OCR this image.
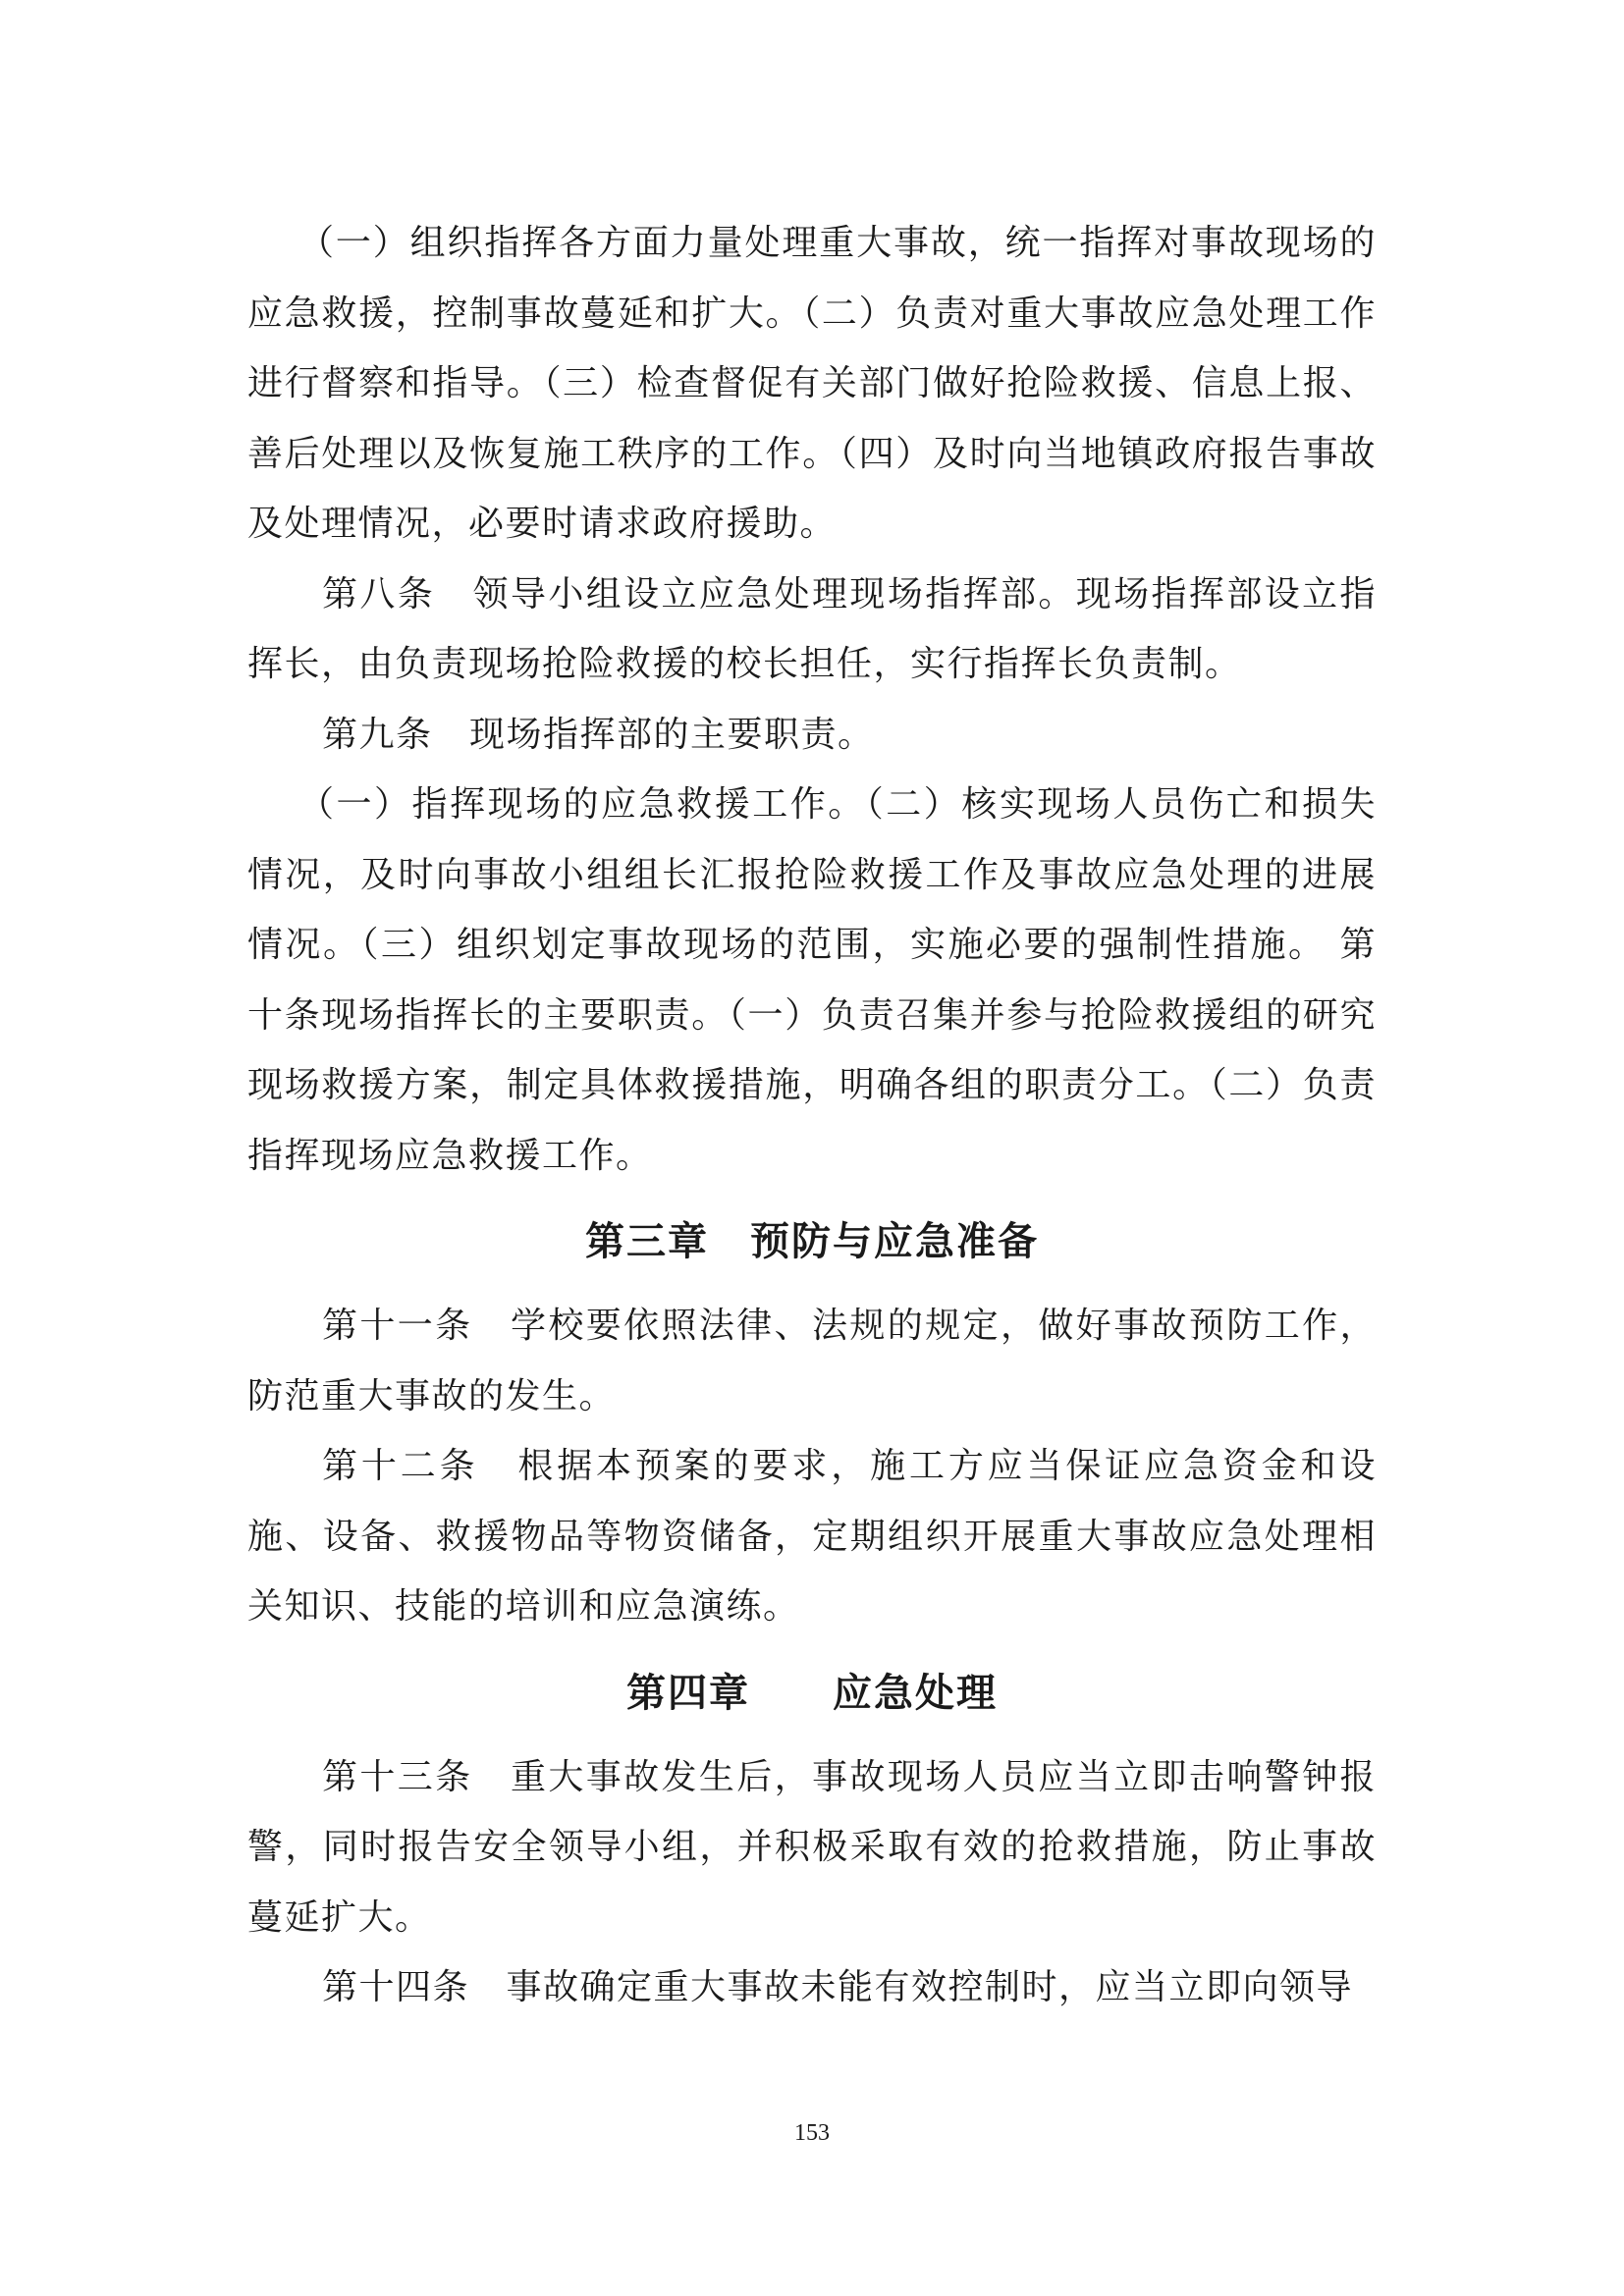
（一）组织指挥各方面力量处理重大事故，统一指挥对事故现场的应急救援，控制事故蔓延和扩大。（二）负责对重大事故应急处理工作进行督察和指导。（三）检查督促有关部门做好抢险救援、信息上报、善后处理以及恢复施工秩序的工作。（四）及时向当地镇政府报告事故及处理情况，必要时请求政府援助。

第八条　领导小组设立应急处理现场指挥部。现场指挥部设立指挥长，由负责现场抢险救援的校长担任，实行指挥长负责制。

第九条　现场指挥部的主要职责。

（一）指挥现场的应急救援工作。（二）核实现场人员伤亡和损失情况，及时向事故小组组长汇报抢险救援工作及事故应急处理的进展情况。（三）组织划定事故现场的范围，实施必要的强制性措施。 第十条现场指挥长的主要职责。（一）负责召集并参与抢险救援组的研究现场救援方案，制定具体救援措施，明确各组的职责分工。（二）负责指挥现场应急救援工作。

第三章　预防与应急准备

第十一条　学校要依照法律、法规的规定，做好事故预防工作，防范重大事故的发生。

第十二条　根据本预案的要求，施工方应当保证应急资金和设施、设备、救援物品等物资储备，定期组织开展重大事故应急处理相关知识、技能的培训和应急演练。

第四章　　应急处理

第十三条　重大事故发生后，事故现场人员应当立即击响警钟报警，同时报告安全领导小组，并积极采取有效的抢救措施，防止事故蔓延扩大。

第十四条　事故确定重大事故未能有效控制时，应当立即向领导

153
